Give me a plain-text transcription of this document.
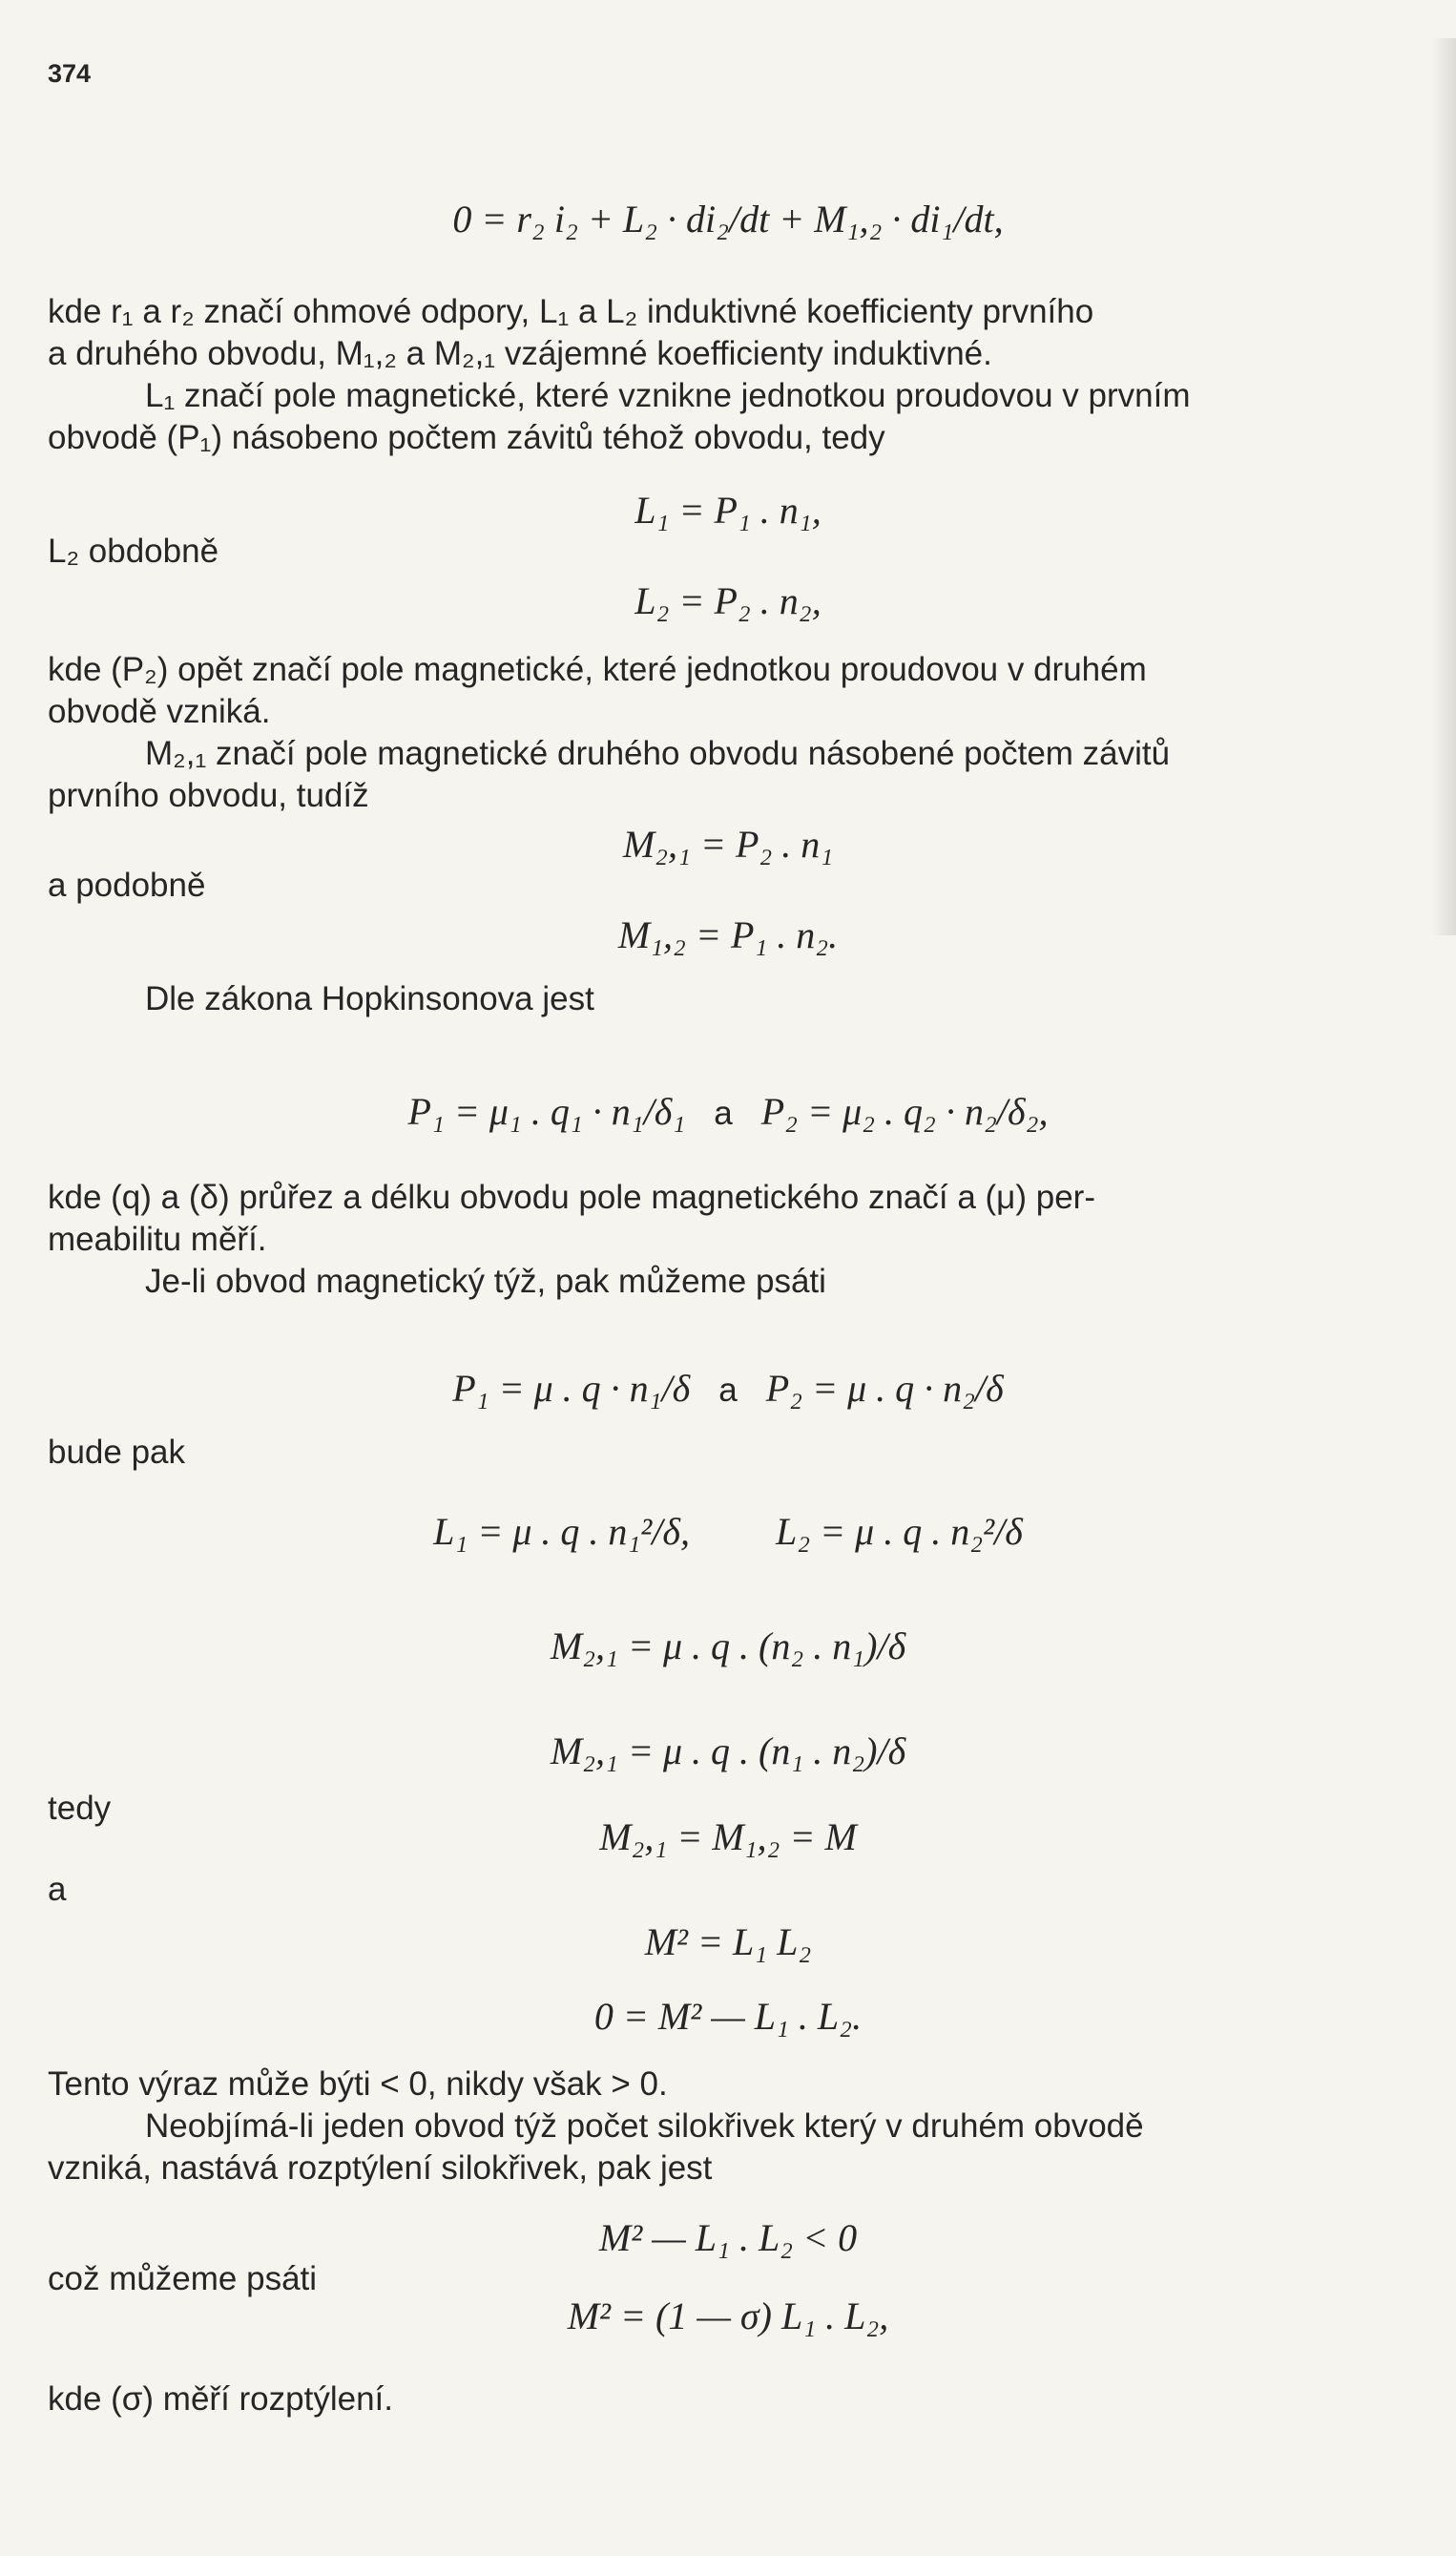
374
0 = r₂ i₂ + L₂ · di₂/dt + M₁,₂ · di₁/dt,

kde r₁ a r₂ značí ohmové odpory, L₁ a L₂ induktivné koefficienty prvního

a druhého obvodu, M₁,₂ a M₂,₁ vzájemné koefficienty induktivné.

L₁ značí pole magnetické, které vznikne jednotkou proudovou v prvním

obvodě (P₁) násobeno počtem závitů téhož obvodu, tedy

L₁ = P₁ . n₁,
L₂ obdobně
L₂ = P₂ . n₂,

kde (P₂) opět značí pole magnetické, které jednotkou proudovou v druhém

obvodě vzniká.

M₂,₁ značí pole magnetické druhého obvodu násobené počtem závitů

prvního obvodu, tudíž

M₂,₁ = P₂ . n₁
a podobně
M₁,₂ = P₁ . n₂.

Dle zákona Hopkinsonova jest

P₁ = μ₁ . q₁ · n₁/δ₁ a P₂ = μ₂ . q₂ · n₂/δ₂,

kde (q) a (δ) průřez a délku obvodu pole magnetického značí a (μ) per-

meabilitu měří.

Je-li obvod magnetický týž, pak můžeme psáti

P₁ = μ . q · n₁/δ a P₂ = μ . q · n₂/δ
bude pak
L₁ = μ . q . n₁²/δ, L₂ = μ . q . n₂²/δ
M₂,₁ = μ . q . (n₂ . n₁)/δ
M₂,₁ = μ . q . (n₁ . n₂)/δ
tedy
M₂,₁ = M₁,₂ = M
a
M² = L₁ L₂
0 = M² — L₁ . L₂.

Tento výraz může býti < 0, nikdy však > 0.

Neobjímá-li jeden obvod týž počet silokřivek který v druhém obvodě

vzniká, nastává rozptýlení silokřivek, pak jest

M² — L₁ . L₂ < 0
což můžeme psáti
M² = (1 — σ) L₁ . L₂,

kde (σ) měří rozptýlení.
